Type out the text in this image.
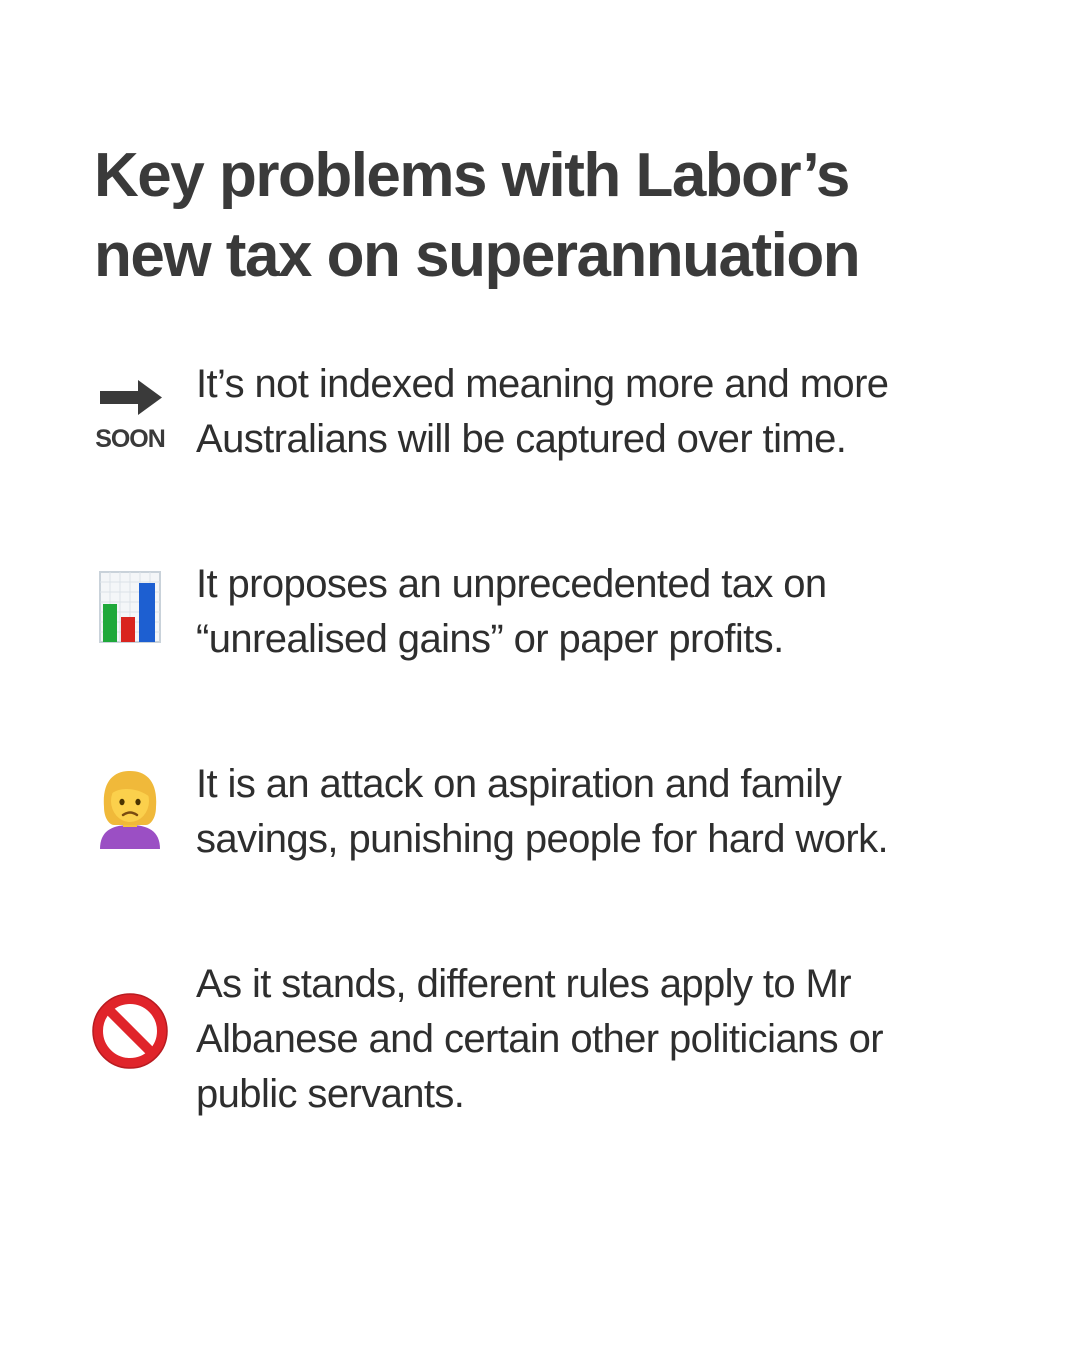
Key problems with Labor’s
new tax on superannuation
SOON
It’s not indexed meaning more and more
Australians will be captured over time.
It proposes an unprecedented tax on
“unrealised gains” or paper profits.
It is an attack on aspiration and family
savings, punishing people for hard work.
As it stands, different rules apply to Mr
Albanese and certain other politicians or
public servants.
